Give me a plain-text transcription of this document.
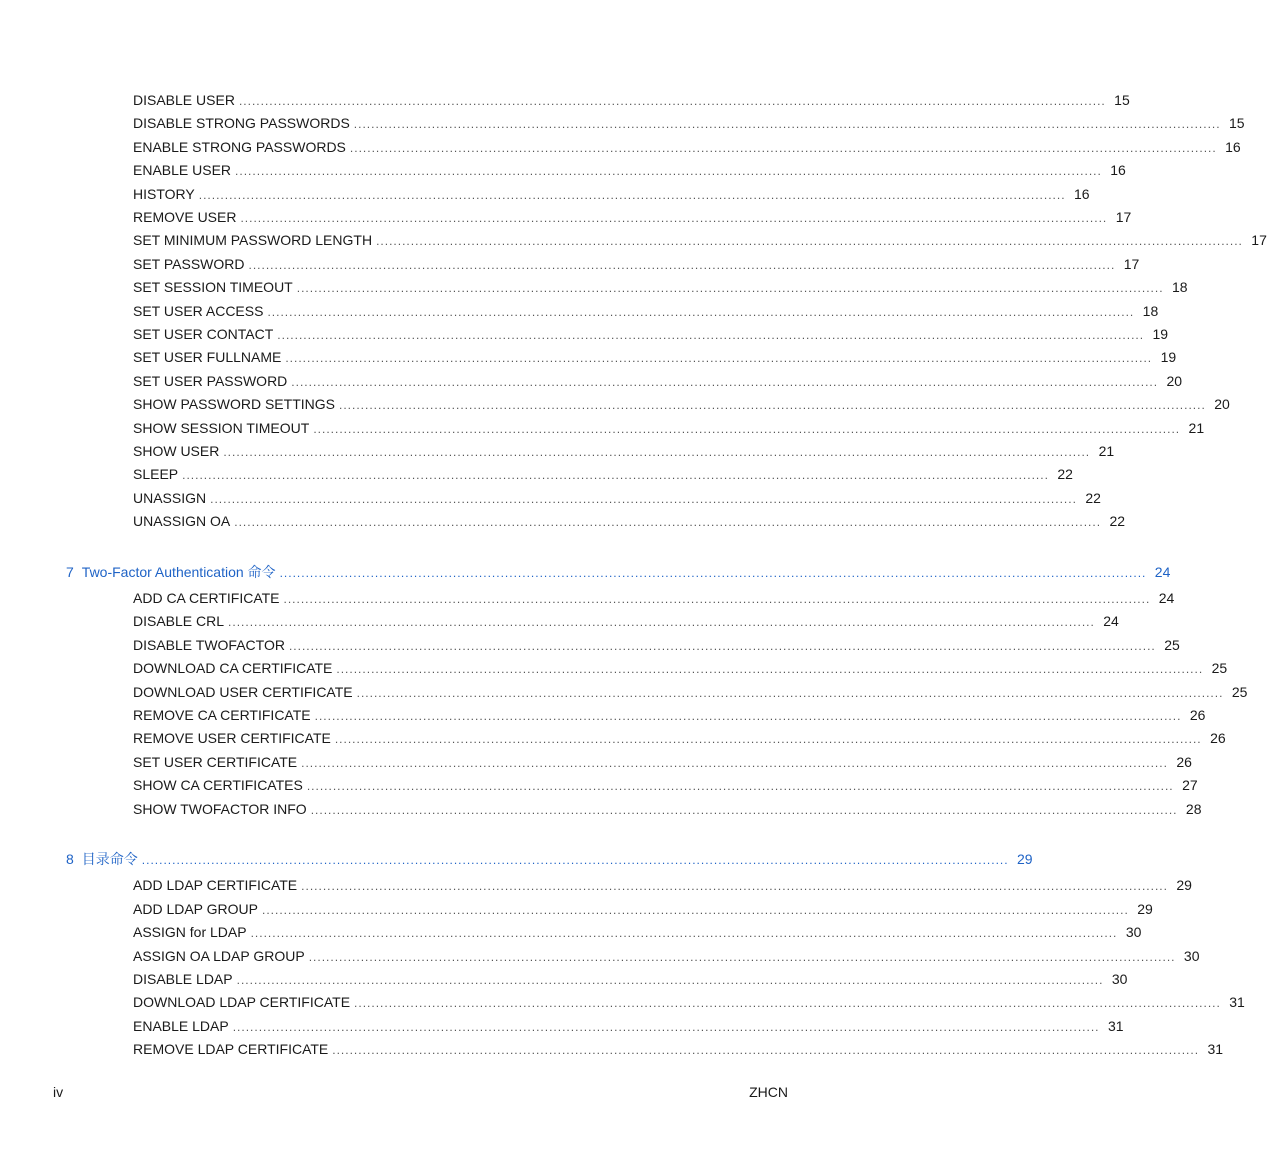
DISABLE USER ........................................................................................................................................................................................................ 15
DISABLE STRONG PASSWORDS ........................................................................................................................................................................................................ 15
ENABLE STRONG PASSWORDS ........................................................................................................................................................................................................ 16
ENABLE USER ........................................................................................................................................................................................................ 16
HISTORY ........................................................................................................................................................................................................ 16
REMOVE USER ........................................................................................................................................................................................................ 17
SET MINIMUM PASSWORD LENGTH ........................................................................................................................................................................................................ 17
SET PASSWORD ........................................................................................................................................................................................................ 17
SET SESSION TIMEOUT ........................................................................................................................................................................................................ 18
SET USER ACCESS ........................................................................................................................................................................................................ 18
SET USER CONTACT ........................................................................................................................................................................................................ 19
SET USER FULLNAME ........................................................................................................................................................................................................ 19
SET USER PASSWORD ........................................................................................................................................................................................................ 20
SHOW PASSWORD SETTINGS ........................................................................................................................................................................................................ 20
SHOW SESSION TIMEOUT ........................................................................................................................................................................................................ 21
SHOW USER ........................................................................................................................................................................................................ 21
SLEEP ........................................................................................................................................................................................................ 22
UNASSIGN ........................................................................................................................................................................................................ 22
UNASSIGN OA ........................................................................................................................................................................................................ 22
7 Two-Factor Authentication 命令 ........................................................................................................................................................................................................ 24
ADD CA CERTIFICATE ........................................................................................................................................................................................................ 24
DISABLE CRL ........................................................................................................................................................................................................ 24
DISABLE TWOFACTOR ........................................................................................................................................................................................................ 25
DOWNLOAD CA CERTIFICATE ........................................................................................................................................................................................................ 25
DOWNLOAD USER CERTIFICATE ........................................................................................................................................................................................................ 25
REMOVE CA CERTIFICATE ........................................................................................................................................................................................................ 26
REMOVE USER CERTIFICATE ........................................................................................................................................................................................................ 26
SET USER CERTIFICATE ........................................................................................................................................................................................................ 26
SHOW CA CERTIFICATES ........................................................................................................................................................................................................ 27
SHOW TWOFACTOR INFO ........................................................................................................................................................................................................ 28
8 目录命令 ........................................................................................................................................................................................................ 29
ADD LDAP CERTIFICATE ........................................................................................................................................................................................................ 29
ADD LDAP GROUP ........................................................................................................................................................................................................ 29
ASSIGN for LDAP ........................................................................................................................................................................................................ 30
ASSIGN OA LDAP GROUP ........................................................................................................................................................................................................ 30
DISABLE LDAP ........................................................................................................................................................................................................ 30
DOWNLOAD LDAP CERTIFICATE ........................................................................................................................................................................................................ 31
ENABLE LDAP ........................................................................................................................................................................................................ 31
REMOVE LDAP CERTIFICATE ........................................................................................................................................................................................................ 31
iv	ZHCN
